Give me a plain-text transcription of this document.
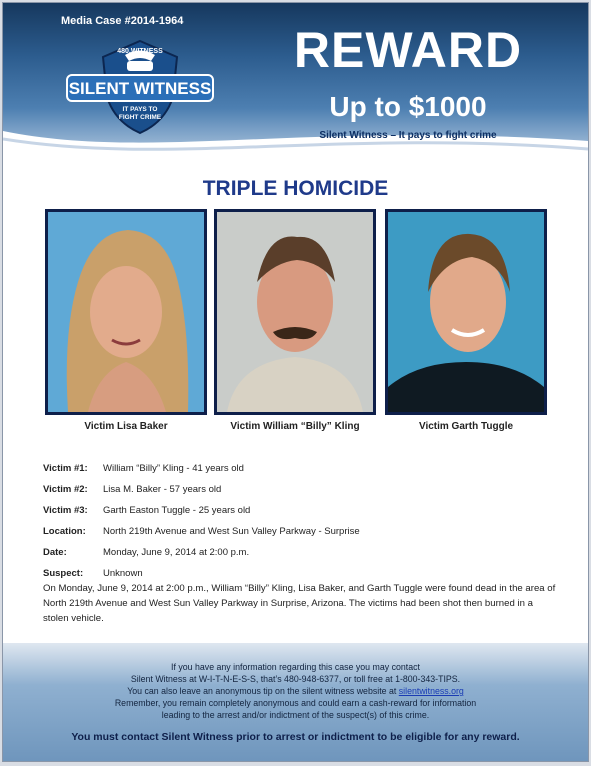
Media Case #2014-1964
480.WITNESS
SILENT WITNESS
IT PAYS TO
FIGHT CRIME
REWARD
Up to $1000
Silent Witness – It pays to fight crime
TRIPLE HOMICIDE
Victim Lisa Baker	Victim William “Billy” Kling	Victim Garth Tuggle
Victim #1:	William “Billy” Kling - 41 years old
Victim #2:	Lisa M. Baker - 57 years old
Victim #3:	Garth Easton Tuggle - 25 years old
Location:	North 219th Avenue and West Sun Valley Parkway - Surprise
Date:	Monday, June 9, 2014 at 2:00 p.m.
Suspect:	Unknown
On Monday, June 9, 2014 at 2:00 p.m., William “Billy” Kling, Lisa Baker, and Garth Tuggle were found dead in the area of North 219th Avenue and West Sun Valley Parkway in Surprise, Arizona. The victims had been shot then burned in a stolen vehicle.
If you have any information regarding this case you may contact
Silent Witness at W-I-T-N-E-S-S, that’s 480-948-6377, or toll free at 1-800-343-TIPS.
You can also leave an anonymous tip on the silent witness website at silentwitness.org
Remember, you remain completely anonymous and could earn a cash-reward for information
leading to the arrest and/or indictment of the suspect(s) of this crime.
You must contact Silent Witness prior to arrest or indictment to be eligible for any reward.
